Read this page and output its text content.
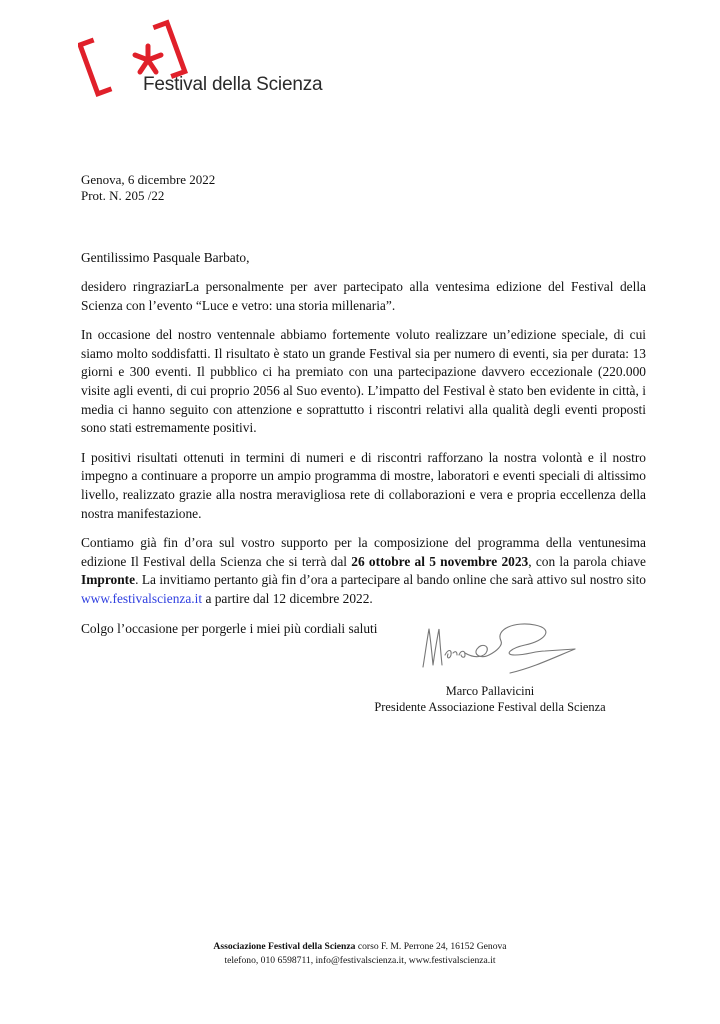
Festival della Scienza
Genova, 6 dicembre 2022
Prot. N. 205 /22
Gentilissimo Pasquale Barbato,

desidero ringraziarLa personalmente per aver partecipato alla ventesima edizione del Festival della Scienza con l’evento “Luce e vetro: una storia millenaria”.

In occasione del nostro ventennale abbiamo fortemente voluto realizzare un’edizione speciale, di cui siamo molto soddisfatti. Il risultato è stato un grande Festival sia per numero di eventi, sia per durata: 13 giorni e 300 eventi. Il pubblico ci ha premiato con una partecipazione davvero eccezionale (220.000 visite agli eventi, di cui proprio 2056 al Suo evento). L’impatto del Festival è stato ben evidente in città, i media ci hanno seguito con attenzione e soprattutto i riscontri relativi alla qualità degli eventi proposti sono stati estremamente positivi.

I positivi risultati ottenuti in termini di numeri e di riscontri rafforzano la nostra volontà e il nostro impegno a continuare a proporre un ampio programma di mostre, laboratori e eventi speciali di altissimo livello, realizzato grazie alla nostra meravigliosa rete di collaborazioni e vera e propria eccellenza della nostra manifestazione.

Contiamo già fin d’ora sul vostro supporto per la composizione del programma della ventunesima edizione Il Festival della Scienza che si terrà dal 26 ottobre al 5 novembre 2023, con la parola chiave Impronte. La invitiamo pertanto già fin d’ora a partecipare al bando online che sarà attivo sul nostro sito www.festivalscienza.it a partire dal 12 dicembre 2022.

Colgo l’occasione per porgerle i miei più cordiali saluti

Marco Pallavicini
Presidente Associazione Festival della Scienza
Associazione Festival della Scienza corso F. M. Perrone 24, 16152 Genova
telefono, 010 6598711, info@festivalscienza.it, www.festivalscienza.it
